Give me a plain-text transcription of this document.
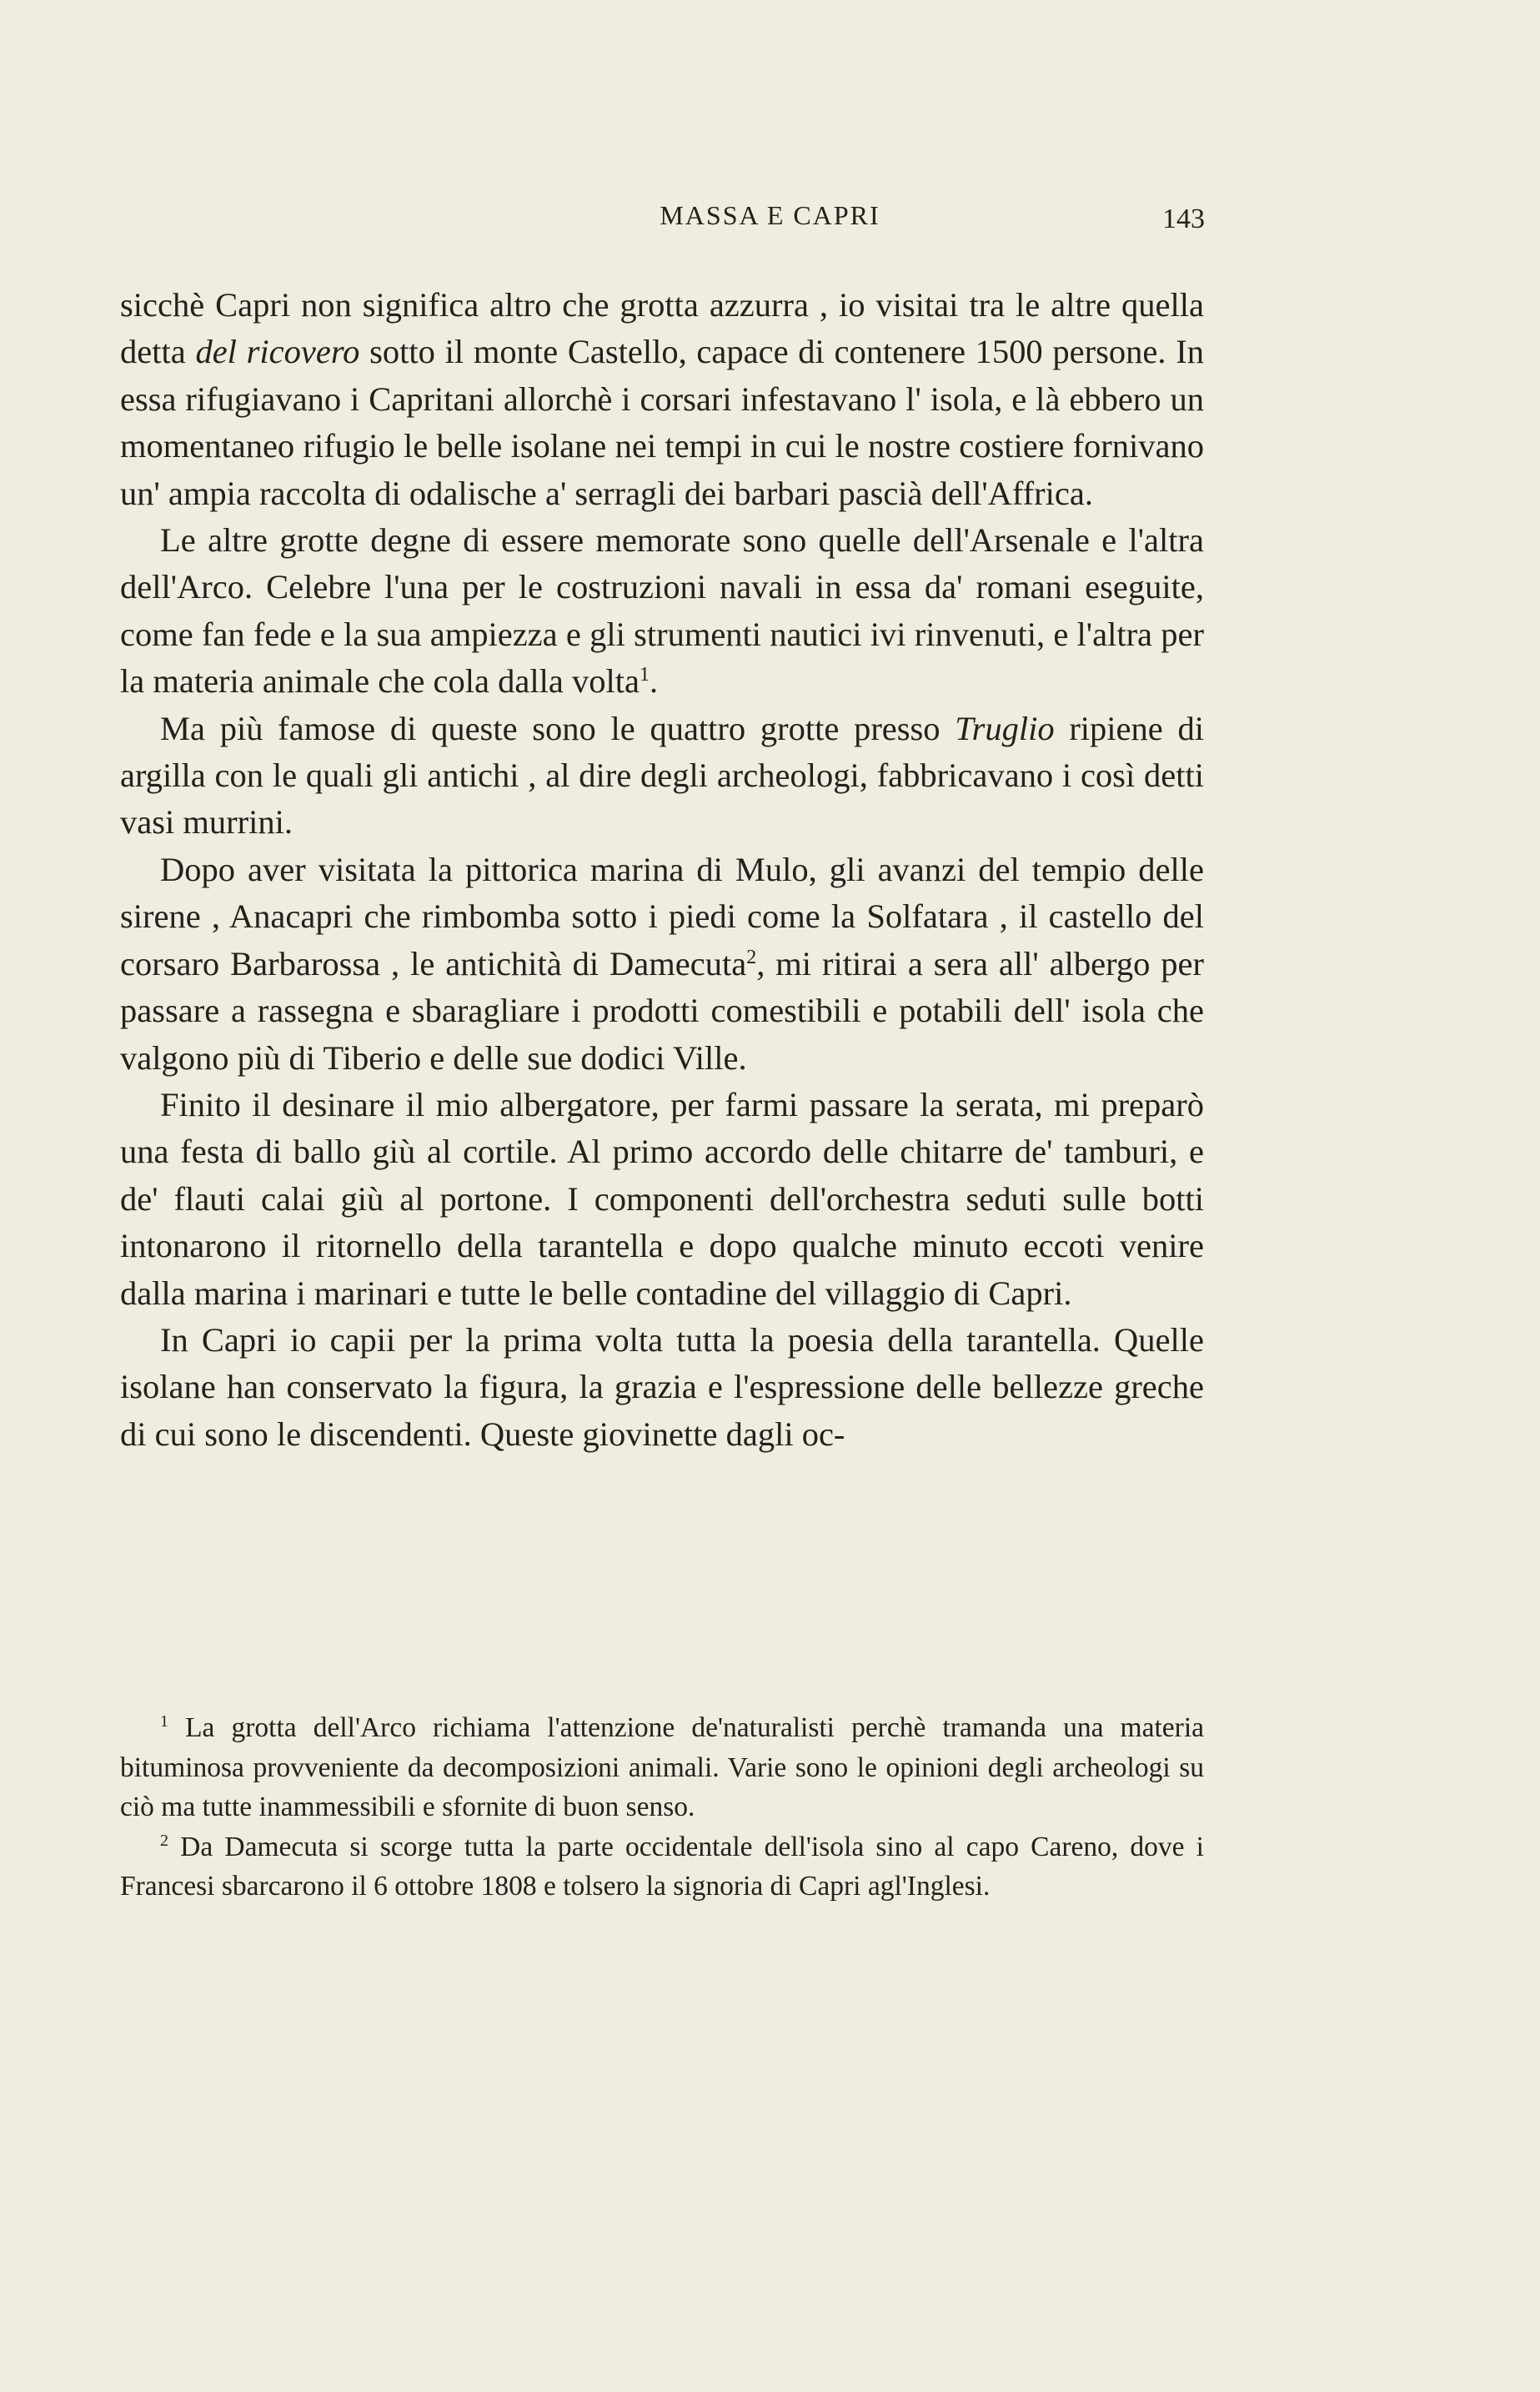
MASSA E CAPRI	143

sicchè Capri non significa altro che grotta azzurra , io visitai tra le altre quella detta del ricovero sotto il monte Castello, capace di contenere 1500 persone. In essa rifugiavano i Capritani allorchè i corsari infestavano l' isola, e là ebbero un momentaneo rifugio le belle isolane nei tempi in cui le nostre costiere fornivano un' ampia raccolta di odalische a' serragli dei barbari pascià dell'Affrica.

Le altre grotte degne di essere memorate sono quelle dell'Arsenale e l'altra dell'Arco. Celebre l'una per le costruzioni navali in essa da' romani eseguite, come fan fede e la sua ampiezza e gli strumenti nautici ivi rinvenuti, e l'altra per la materia animale che cola dalla volta$^1$.

Ma più famose di queste sono le quattro grotte presso Truglio ripiene di argilla con le quali gli antichi , al dire degli archeologi, fabbricavano i così detti vasi murrini.

Dopo aver visitata la pittorica marina di Mulo, gli avanzi del tempio delle sirene , Anacapri che rimbomba sotto i piedi come la Solfatara , il castello del corsaro Barbarossa , le antichità di Damecuta$^2$, mi ritirai a sera all' albergo per passare a rassegna e sbaragliare i prodotti comestibili e potabili dell' isola che valgono più di Tiberio e delle sue dodici Ville.

Finito il desinare il mio albergatore, per farmi passare la serata, mi preparò una festa di ballo giù al cortile. Al primo accordo delle chitarre de' tamburi, e de' flauti calai giù al portone. I componenti dell'orchestra seduti sulle botti intonarono il ritornello della tarantella e dopo qualche minuto eccoti venire dalla marina i marinari e tutte le belle contadine del villaggio di Capri.

In Capri io capii per la prima volta tutta la poesia della tarantella. Quelle isolane han conservato la figura, la grazia e l'espressione delle bellezze greche di cui sono le discendenti. Queste giovinette dagli oc-

$^1$ La grotta dell'Arco richiama l'attenzione de'naturalisti perchè tramanda una materia bituminosa provveniente da decomposizioni animali. Varie sono le opinioni degli archeologi su ciò ma tutte inammessibili e sfornite di buon senso.

$^2$ Da Damecuta si scorge tutta la parte occidentale dell'isola sino al capo Careno, dove i Francesi sbarcarono il 6 ottobre 1808 e tolsero la signoria di Capri agl'Inglesi.
